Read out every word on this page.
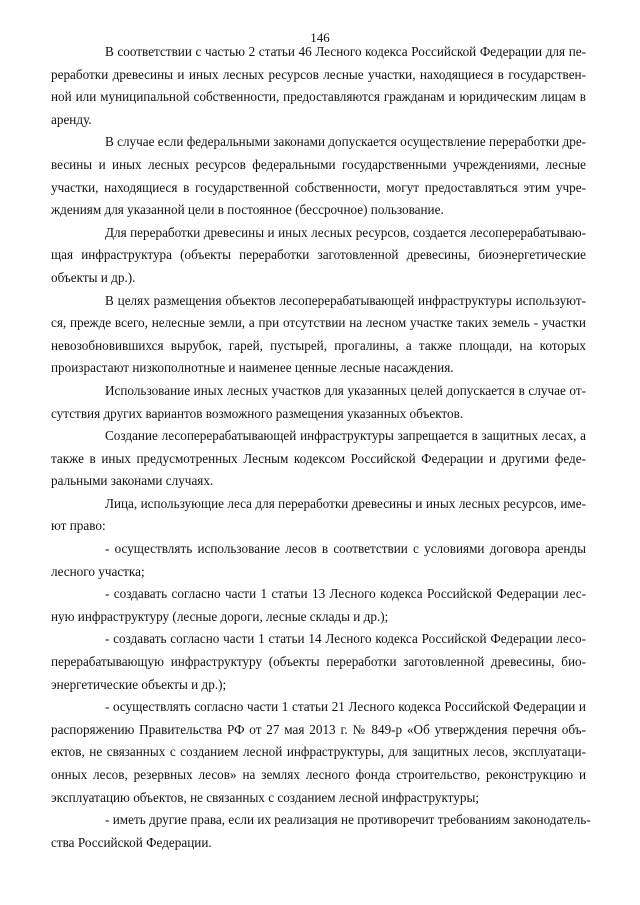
146

В соответствии с частью 2 статьи 46 Лесного кодекса Российской Федерации для пе-
реработки древесины и иных лесных ресурсов лесные участки, находящиеся в государствен-
ной или муниципальной собственности, предоставляются гражданам и юридическим лицам в
аренду.

В случае если федеральными законами допускается осуществление переработки дре-
весины и иных лесных ресурсов федеральными государственными учреждениями, лесные
участки, находящиеся в государственной собственности, могут предоставляться этим учре-
ждениям для указанной цели в постоянное (бессрочное) пользование.

Для переработки древесины и иных лесных ресурсов, создается лесоперерабатываю-
щая инфраструктура (объекты переработки заготовленной древесины, биоэнергетические
объекты и др.).

В целях размещения объектов лесоперерабатывающей инфраструктуры используют-
ся, прежде всего, нелесные земли, а при отсутствии на лесном участке таких земель - участки
невозобновившихся вырубок, гарей, пустырей, прогалины, а также площади, на которых
произрастают низкополнотные и наименее ценные лесные насаждения.

Использование иных лесных участков для указанных целей допускается в случае от-
сутствия других вариантов возможного размещения указанных объектов.

Создание лесоперерабатывающей инфраструктуры запрещается в защитных лесах, а
также в иных предусмотренных Лесным кодексом Российской Федерации и другими феде-
ральными законами случаях.

Лица, использующие леса для переработки древесины и иных лесных ресурсов, име-
ют право:

- осуществлять использование лесов в соответствии с условиями договора аренды
лесного участка;

- создавать согласно части 1 статьи 13 Лесного кодекса Российской Федерации лес-
ную инфраструктуру (лесные дороги, лесные склады и др.);

- создавать согласно части 1 статьи 14 Лесного кодекса Российской Федерации лесо-
перерабатывающую инфраструктуру (объекты переработки заготовленной древесины, био-
энергетические объекты и др.);

- осуществлять согласно части 1 статьи 21 Лесного кодекса Российской Федерации и
распоряжению Правительства РФ от 27 мая 2013 г. № 849-р «Об утверждения перечня объ-
ектов, не связанных с созданием лесной инфраструктуры, для защитных лесов, эксплуатаци-
онных лесов, резервных лесов» на землях лесного фонда строительство, реконструкцию и
эксплуатацию объектов, не связанных с созданием лесной инфраструктуры;

- иметь другие права, если их реализация не противоречит требованиям законодатель-
ства Российской Федерации.
